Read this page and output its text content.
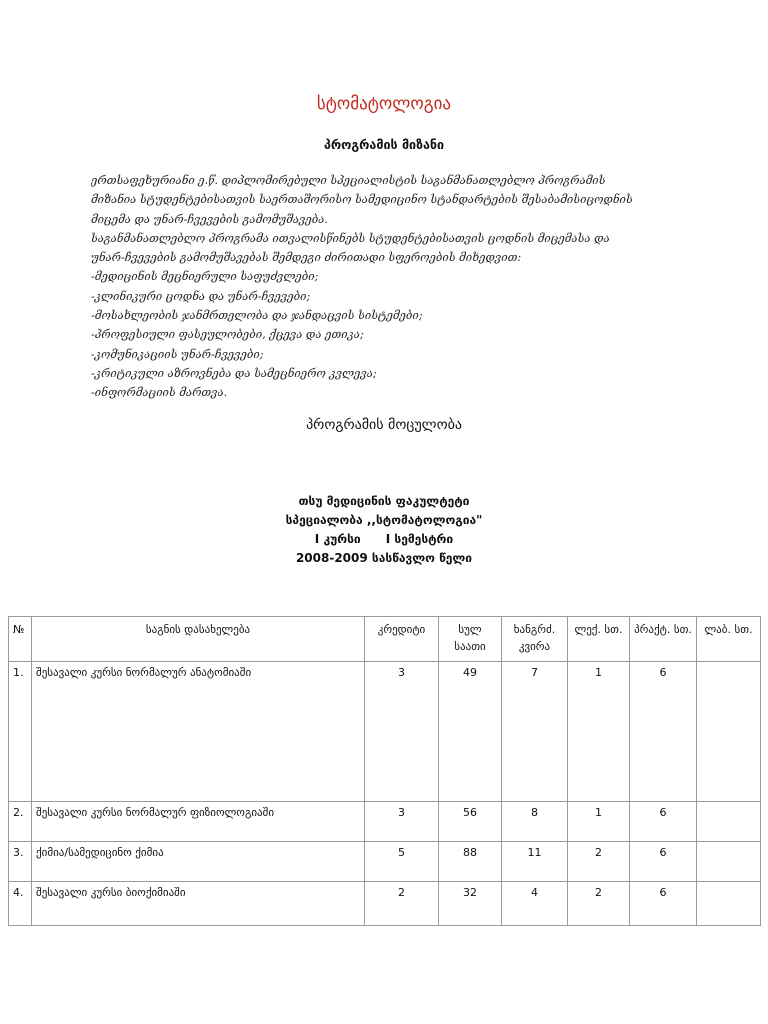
სტომატოლოგია
პროგრამის მიზანი
ერთსაფეხურიანი ე.წ. დიპლომირებული სპეციალისტის საგანმანათლებლო პროგრამის
მიზანია სტუდენტებისათვის საერთაშორისო სამედიცინო სტანდარტების შესაბამისიცოდნის
მიცემა და უნარ-ჩვევების გამომუშავება.
საგანმანათლებლო პროგრამა ითვალისწინებს სტუდენტებისათვის ცოდნის მიცემასა და
უნარ-ჩვევების გამომუშავებას შემდეგი ძირითადი სფეროების მიხედვით:
-მედიცინის მეცნიერული საფუძვლები;
-კლინიკური ცოდნა და უნარ-ჩვევები;
-მოსახლეობის ჯანმრთელობა და ჯანდაცვის სისტემები;
-პროფესიული ფასეულობები, ქცევა და ეთიკა;
-კომუნიკაციის უნარ-ჩვევები;
-კრიტიკული აზროვნება და სამეცნიერო კვლევა;
-ინფორმაციის მართვა.
პროგრამის მოცულობა
თსუ მედიცინის ფაკულტეტი
სპეციალობა ,,სტომატოლოგია"
I კურსი      I სემესტრი
2008-2009 სასწავლო წელი
№	საგნის დასახელება	კრედიტი	სულ საათი	ხანგრძ. კვირა	ლექ. სთ.	პრაქტ. სთ.	ლაბ. სთ.
1.	შესავალი კურსი ნორმალურ ანატომიაში	3	49	7	1	6	
2.	შესავალი კურსი ნორმალურ ფიზიოლოგიაში	3	56	8	1	6	
3.	ქიმია/სამედიცინო ქიმია	5	88	11	2	6	
4.	შესავალი კურსი ბიოქიმიაში	2	32	4	2	6	
